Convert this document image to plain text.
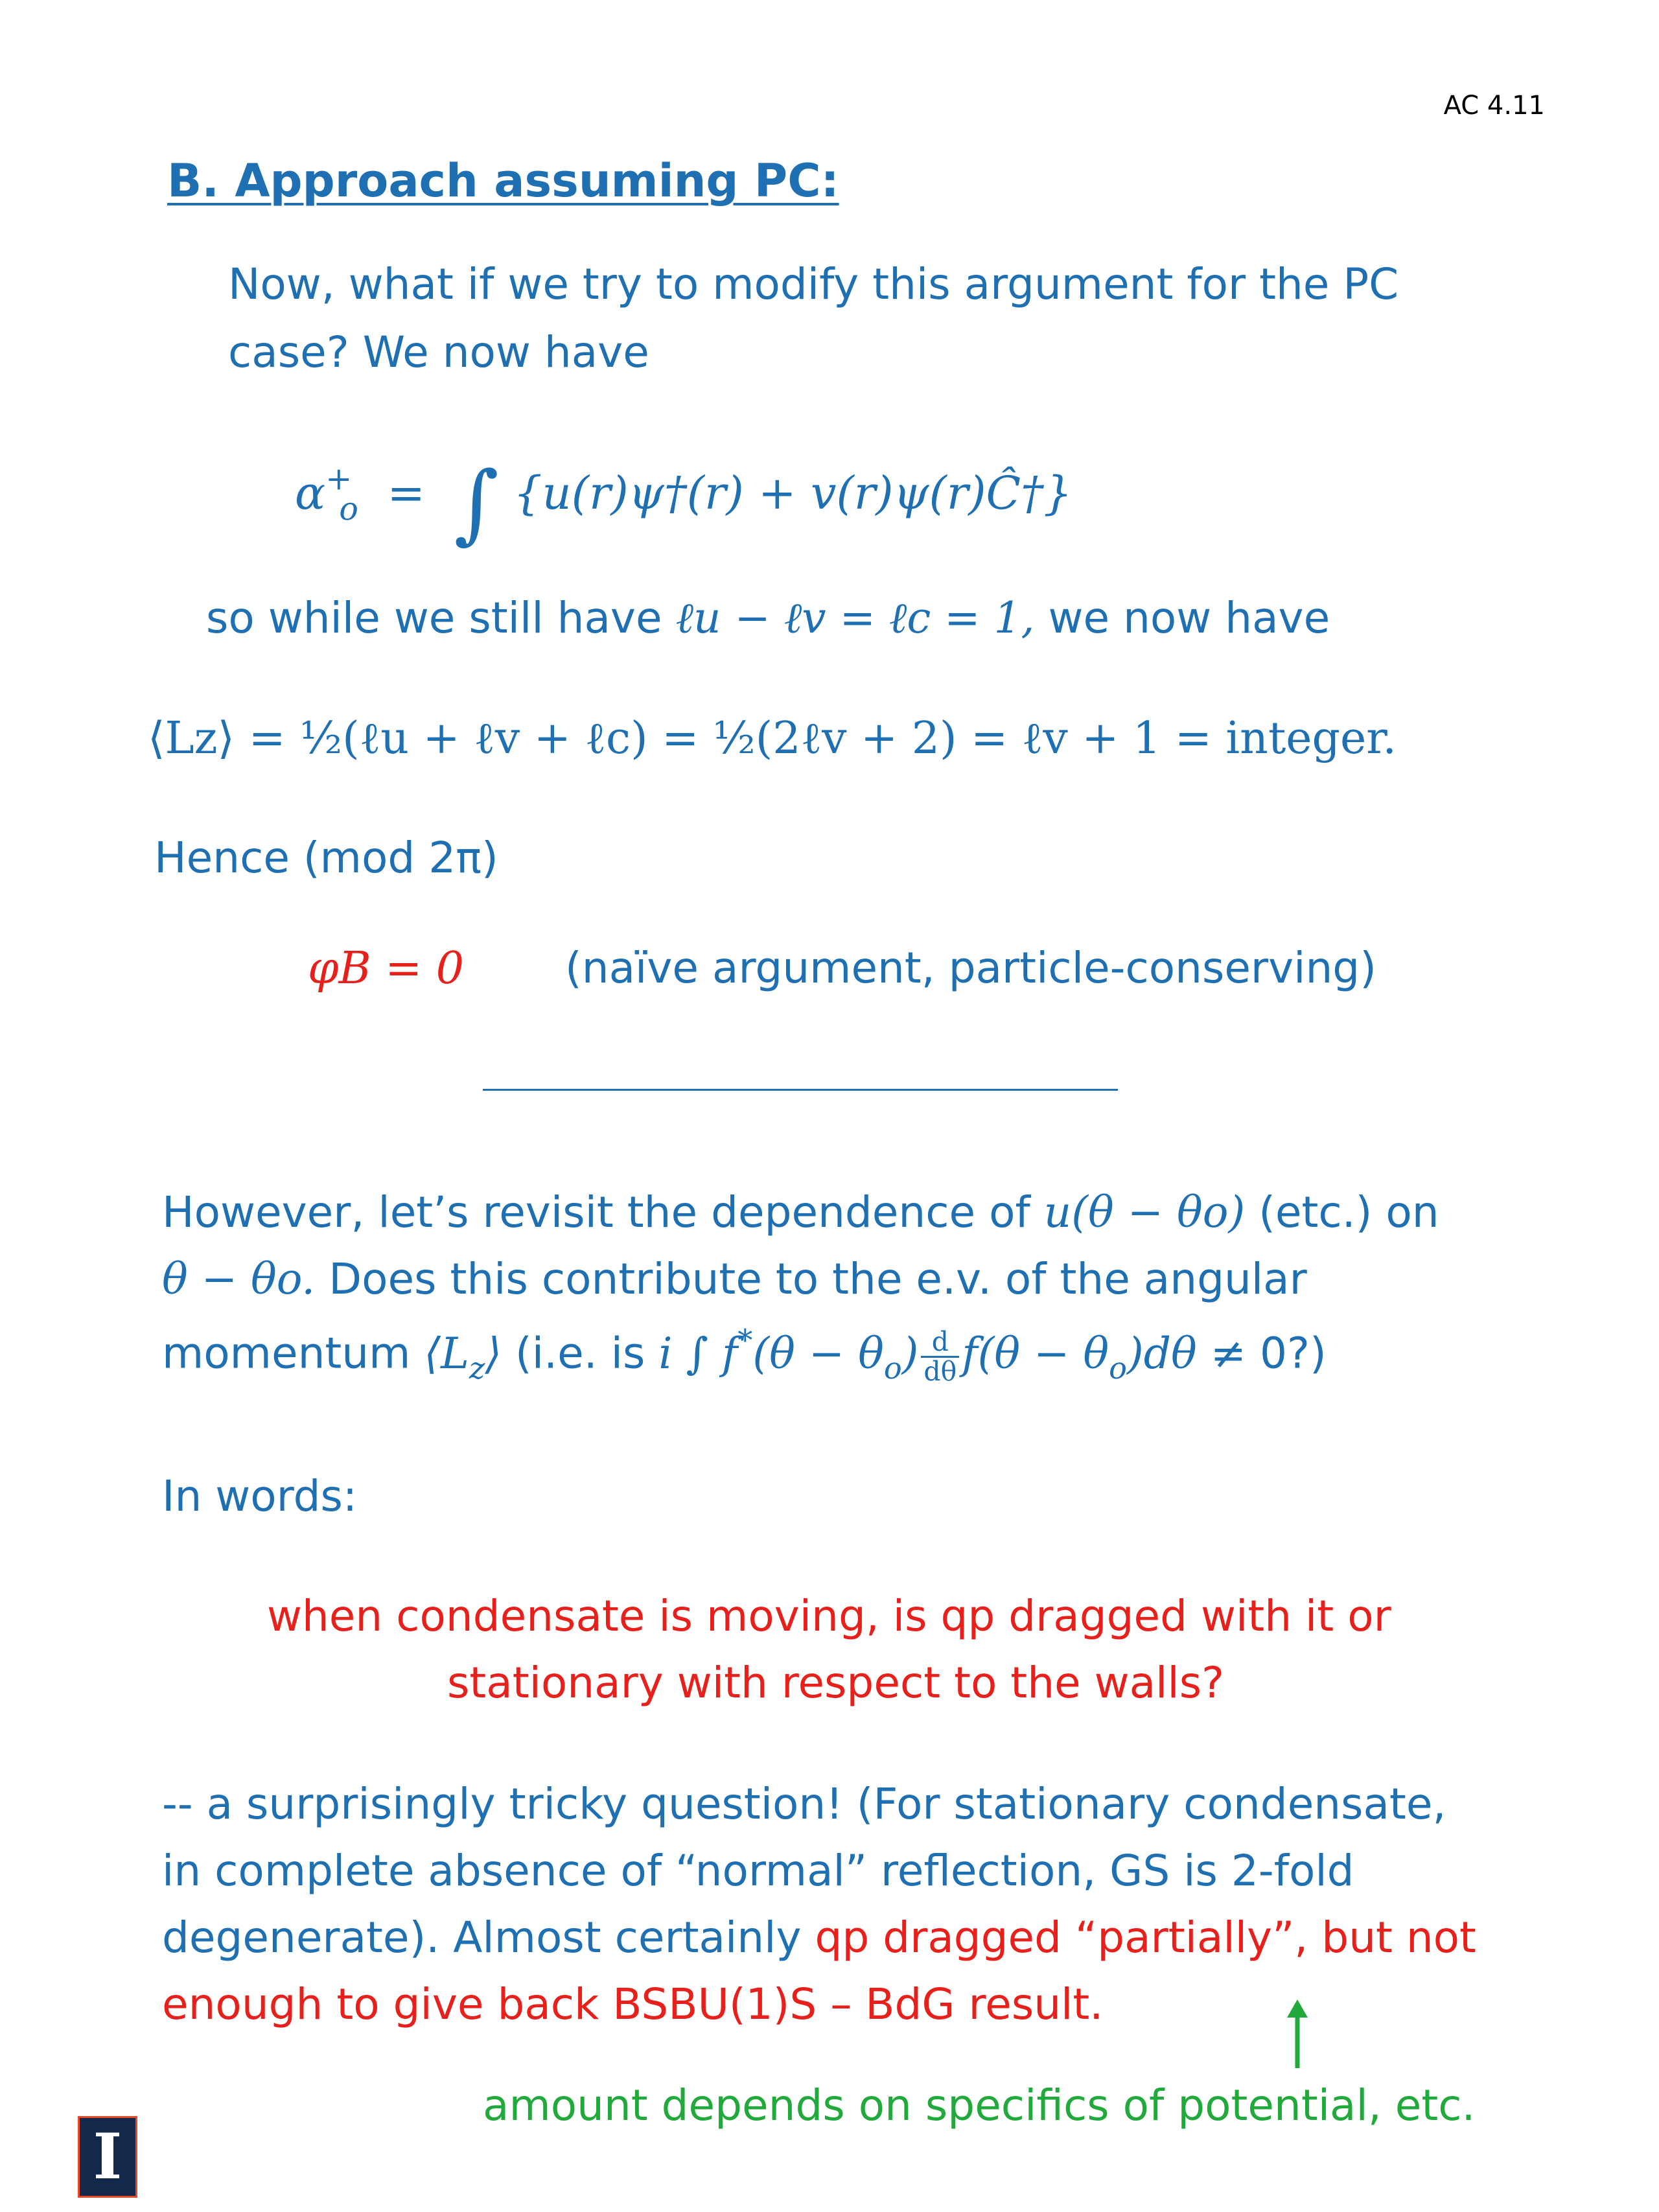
AC 4.11
B. Approach assuming PC:
Now, what if we try to modify this argument for the PC
case? We now have
$\alpha^+_o$  =  ∫ {u(r)ψ†(r) + v(r)ψ(r)Ĉ†}
so while we still have ℓu − ℓv = ℓc = 1, we now have
⟨Lz⟩ = ½(ℓu + ℓv + ℓc) = ½(2ℓv + 2) = ℓv + 1 = integer.
Hence (mod 2π)
φB = 0 (naïve argument, particle-conserving)
However, let’s revisit the dependence of u(θ − θo) (etc.) on
θ − θo. Does this contribute to the e.v. of the angular
momentum $⟨L_z⟩$ (i.e. is i ∫ $f^*(\theta - \theta_o) \frac{d}{d\theta} f(\theta - \theta_o)d\theta$ ≠ 0?)
In words:
when condensate is moving, is qp dragged with it or
stationary with respect to the walls?
-- a surprisingly tricky question! (For stationary condensate,
in complete absence of “normal” reflection, GS is 2-fold
degenerate). Almost certainly qp dragged “partially”, but not
enough to give back BSBU(1)S – BdG result.
amount depends on specifics of potential, etc.
I
